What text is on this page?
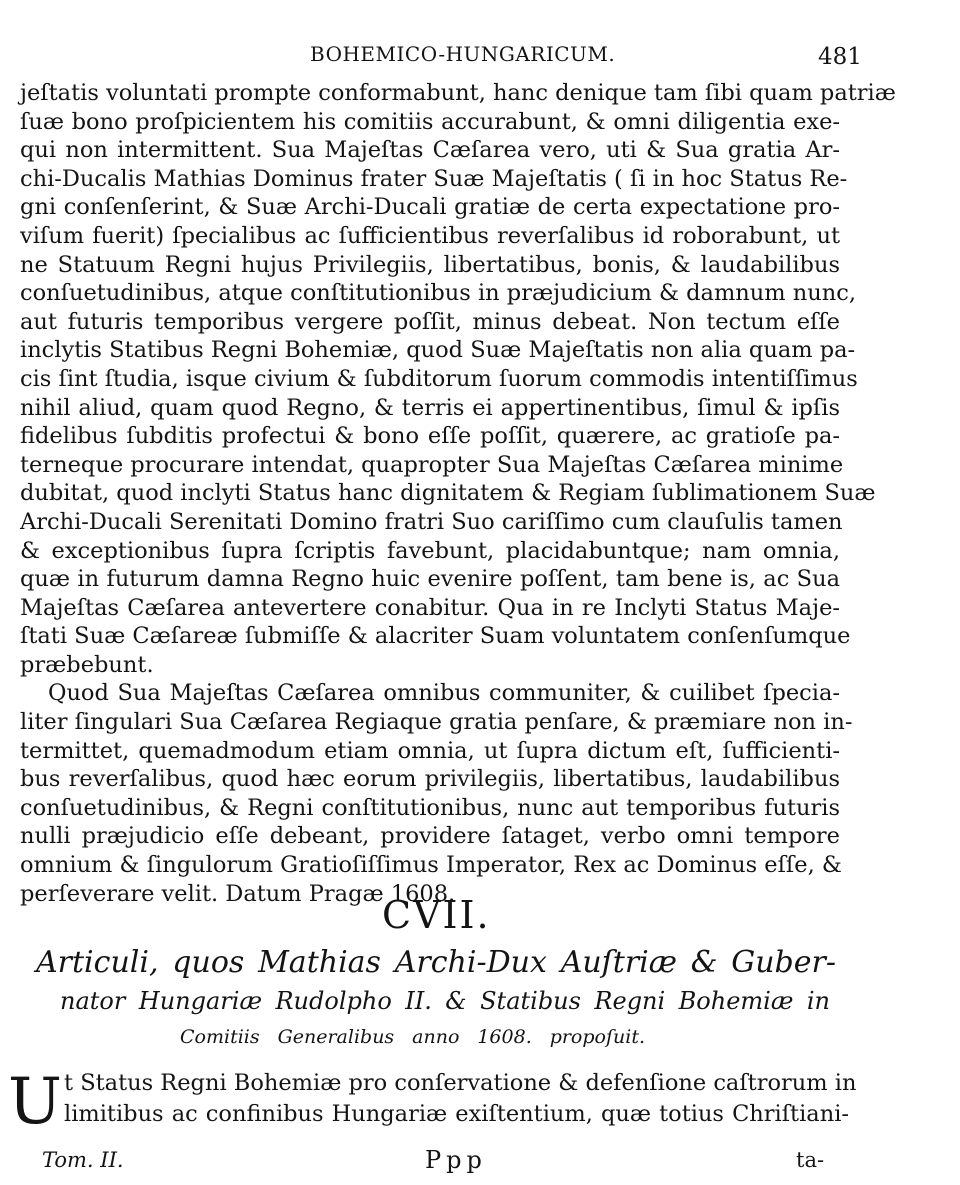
BOHEMICO-HUNGARICUM.	481
jeſtatis voluntati prompte conformabunt, hanc denique tam ſibi quam patriæ
ſuæ bono proſpicientem his comitiis accurabunt, & omni diligentia exe-
qui non intermittent. Sua Majeſtas Cæſarea vero, uti & Sua gratia Ar-
chi-Ducalis Mathias Dominus frater Suæ Majeſtatis ( ſi in hoc Status Re-
gni conſenſerint, & Suæ Archi-Ducali gratiæ de certa expectatione pro-
viſum fuerit) ſpecialibus ac ſufficientibus reverſalibus id roborabunt, ut
ne Statuum Regni hujus Privilegiis, libertatibus, bonis, & laudabilibus
conſuetudinibus, atque conſtitutionibus in præjudicium & damnum nunc,
aut futuris temporibus vergere poſſit, minus debeat. Non tectum eſſe
inclytis Statibus Regni Bohemiæ, quod Suæ Majeſtatis non alia quam pa-
cis ſint ſtudia, isque civium & ſubditorum ſuorum commodis intentiſſimus
nihil aliud, quam quod Regno, & terris ei appertinentibus, ſimul & ipſis
fidelibus ſubditis profectui & bono eſſe poſſit, quærere, ac gratioſe pa-
terneque procurare intendat, quapropter Sua Majeſtas Cæſarea minime
dubitat, quod inclyti Status hanc dignitatem & Regiam ſublimationem Suæ
Archi-Ducali Serenitati Domino fratri Suo cariſſimo cum clauſulis tamen
& exceptionibus ſupra ſcriptis favebunt, placidabuntque; nam omnia,
quæ in futurum damna Regno huic evenire poſſent, tam bene is, ac Sua
Majeſtas Cæſarea antevertere conabitur. Qua in re Inclyti Status Maje-
ſtati Suæ Cæſareæ ſubmiſſe & alacriter Suam voluntatem conſenſumque
præbebunt.
Quod Sua Majeſtas Cæſarea omnibus communiter, & cuilibet ſpecia-
liter ſingulari Sua Cæſarea Regiaque gratia penſare, & præmiare non in-
termittet, quemadmodum etiam omnia, ut ſupra dictum eſt, ſufficienti-
bus reverſalibus, quod hæc eorum privilegiis, libertatibus, laudabilibus
conſuetudinibus, & Regni conſtitutionibus, nunc aut temporibus futuris
nulli præjudicio eſſe debeant, providere ſataget, verbo omni tempore
omnium & ſingulorum Gratioſiſſimus Imperator, Rex ac Dominus eſſe, &
perſeverare velit. Datum Pragæ 1608.
CVII.
Articuli, quos Mathias Archi-Dux Auſtriæ & Guber-
nator Hungariæ Rudolpho II. & Statibus Regni Bohemiæ in
Comitiis Generalibus anno 1608. propoſuit.
U t Status Regni Bohemiæ pro conſervatione & defenſione caſtrorum in
limitibus ac confinibus Hungariæ exiſtentium, quæ totius Chriſtiani-
Tom. II.	Ppp	ta-
